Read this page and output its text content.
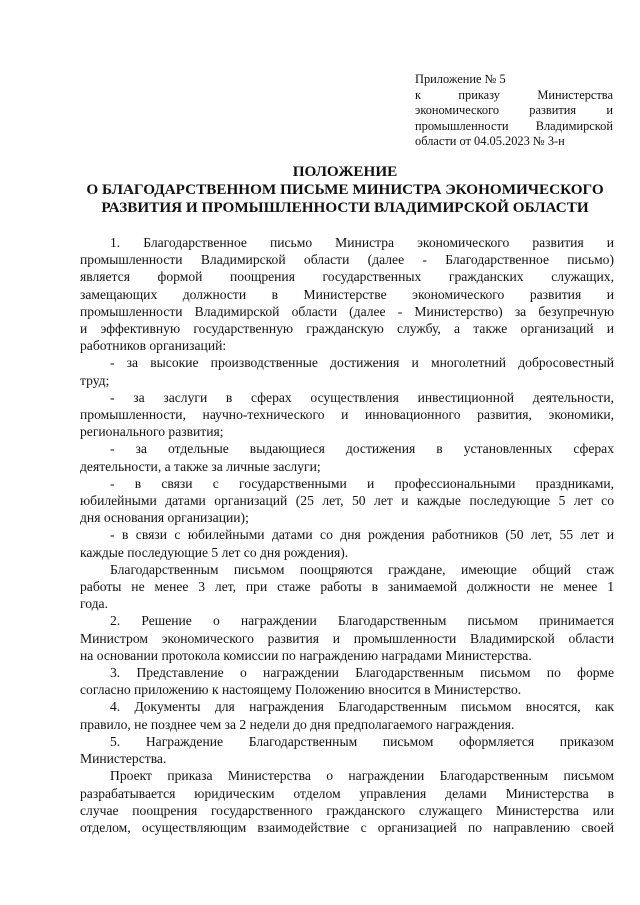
Приложение № 5
к приказу Министерства
экономического развития и
промышленности Владимирской
области от 04.05.2023 № 3-н
ПОЛОЖЕНИЕ
О БЛАГОДАРСТВЕННОМ ПИСЬМЕ МИНИСТРА ЭКОНОМИЧЕСКОГО
РАЗВИТИЯ И ПРОМЫШЛЕННОСТИ ВЛАДИМИРСКОЙ ОБЛАСТИ
1. Благодарственное письмо Министра экономического развития и
промышленности Владимирской области (далее - Благодарственное письмо)
является формой поощрения государственных гражданских служащих,
замещающих должности в Министерстве экономического развития и
промышленности Владимирской области (далее - Министерство) за безупречную
и эффективную государственную гражданскую службу, а также организаций и
работников организаций:
- за высокие производственные достижения и многолетний добросовестный
труд;
- за заслуги в сферах осуществления инвестиционной деятельности,
промышленности, научно-технического и инновационного развития, экономики,
регионального развития;
- за отдельные выдающиеся достижения в установленных сферах
деятельности, а также за личные заслуги;
- в связи с государственными и профессиональными праздниками,
юбилейными датами организаций (25 лет, 50 лет и каждые последующие 5 лет со
дня основания организации);
- в связи с юбилейными датами со дня рождения работников (50 лет, 55 лет и
каждые последующие 5 лет со дня рождения).
Благодарственным письмом поощряются граждане, имеющие общий стаж
работы не менее 3 лет, при стаже работы в занимаемой должности не менее 1
года.
2. Решение о награждении Благодарственным письмом принимается
Министром экономического развития и промышленности Владимирской области
на основании протокола комиссии по награждению наградами Министерства.
3. Представление о награждении Благодарственным письмом по форме
согласно приложению к настоящему Положению вносится в Министерство.
4. Документы для награждения Благодарственным письмом вносятся, как
правило, не позднее чем за 2 недели до дня предполагаемого награждения.
5. Награждение Благодарственным письмом оформляется приказом
Министерства.
Проект приказа Министерства о награждении Благодарственным письмом
разрабатывается юридическим отделом управления делами Министерства в
случае поощрения государственного гражданского служащего Министерства или
отделом, осуществляющим взаимодействие с организацией по направлению своей
